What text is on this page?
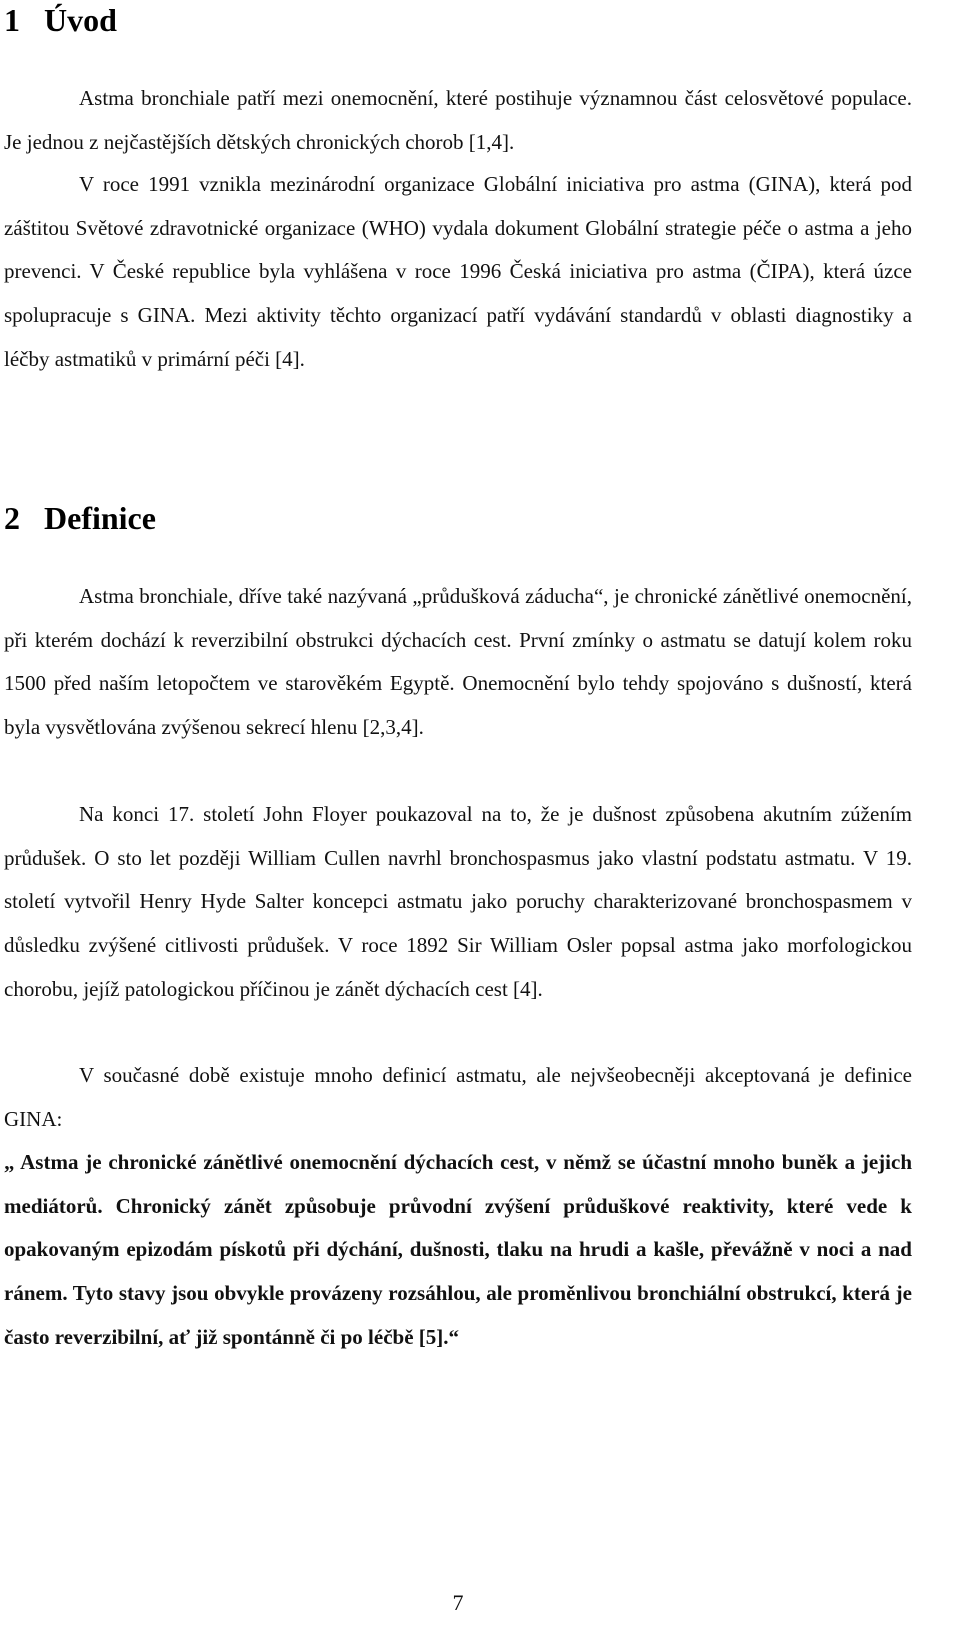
1 Úvod

Astma bronchiale patří mezi onemocnění, které postihuje významnou část celosvětové populace. Je jednou z nejčastějších dětských chronických chorob [1,4].

V roce 1991 vznikla mezinárodní organizace Globální iniciativa pro astma (GINA), která pod záštitou Světové zdravotnické organizace (WHO) vydala dokument Globální strategie péče o astma a jeho prevenci. V České republice byla vyhlášena v roce 1996 Česká iniciativa pro astma (ČIPA), která úzce spolupracuje s GINA. Mezi aktivity těchto organizací patří vydávání standardů v oblasti diagnostiky a léčby astmatiků v primární péči [4].

2 Definice

Astma bronchiale, dříve také nazývaná „průdušková záducha“, je chronické zánětlivé onemocnění, při kterém dochází k reverzibilní obstrukci dýchacích cest. První zmínky o astmatu se datují kolem roku 1500 před naším letopočtem ve starověkém Egyptě. Onemocnění bylo tehdy spojováno s dušností, která byla vysvětlována zvýšenou sekrecí hlenu [2,3,4].

Na konci 17. století John Floyer poukazoval na to, že je dušnost způsobena akutním zúžením průdušek. O sto let později William Cullen navrhl bronchospasmus jako vlastní podstatu astmatu. V 19. století vytvořil Henry Hyde Salter koncepci astmatu jako poruchy charakterizované bronchospasmem v důsledku zvýšené citlivosti průdušek. V roce 1892 Sir William Osler popsal astma jako morfologickou chorobu, jejíž patologickou příčinou je zánět dýchacích cest [4].

V současné době existuje mnoho definicí astmatu, ale nejvšeobecněji akceptovaná je definice GINA:

„ Astma je chronické zánětlivé onemocnění dýchacích cest, v němž se účastní mnoho buněk a jejich mediátorů. Chronický zánět způsobuje průvodní zvýšení průduškové reaktivity, které vede k opakovaným epizodám pískotů při dýchání, dušnosti, tlaku na hrudi a kašle, převážně v noci a nad ránem. Tyto stavy jsou obvykle provázeny rozsáhlou, ale proměnlivou bronchiální obstrukcí, která je často reverzibilní, ať již spontánně či po léčbě [5].“

7
